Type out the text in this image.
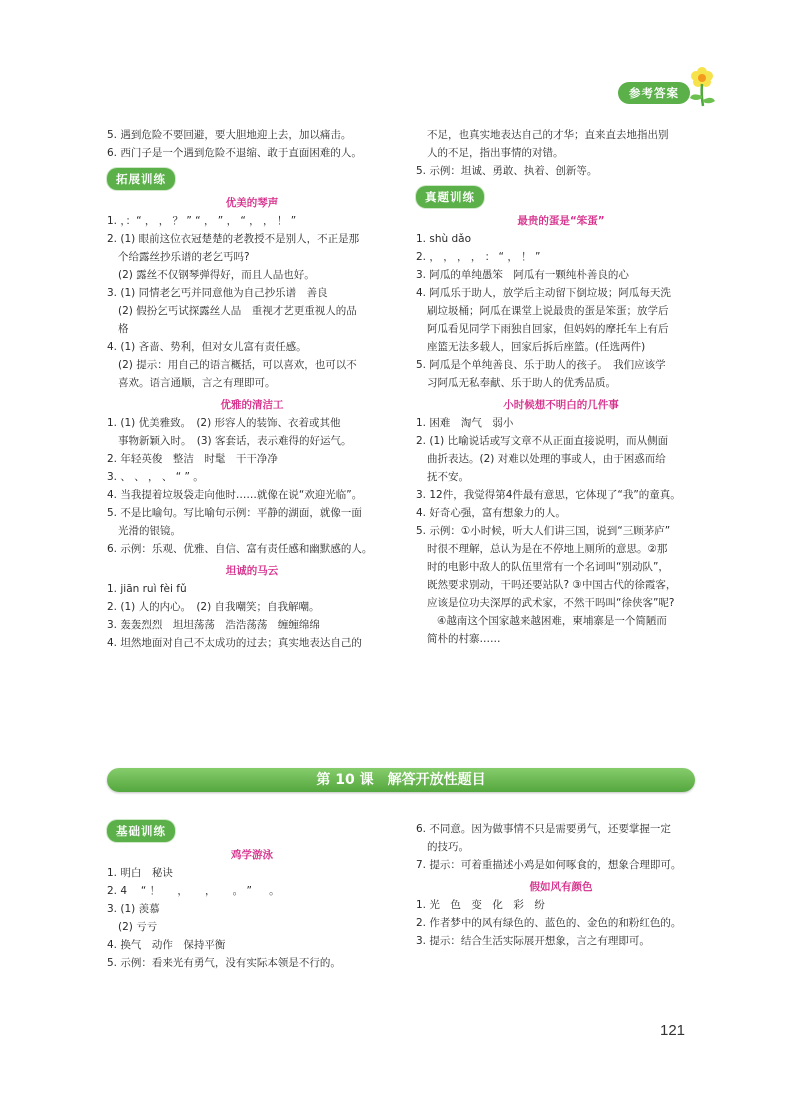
参考答案

5. 遇到危险不要回避，要大胆地迎上去，加以痛击。

6. 西门子是一个遇到危险不退缩、敢于直面困难的人。

拓展训练

优美的琴声

1. ，：“ ， ， ？ ” “ ， ” ， “ ， ， ！ ”

2. (1) 眼前这位衣冠楚楚的老教授不是别人，不正是那

个给露丝抄乐谱的老乞丐吗?

(2) 露丝不仅钢琴弹得好，而且人品也好。

3. (1) 同情老乞丐并同意他为自己抄乐谱　善良

(2) 假扮乞丐试探露丝人品　重视才艺更重视人的品

格

4. (1) 吝啬、势利，但对女儿富有责任感。

(2) 提示：用自己的语言概括，可以喜欢，也可以不

喜欢。语言通顺，言之有理即可。

优雅的清洁工

1. (1) 优美雅致。　(2) 形容人的装饰、衣着或其他

事物新颖入时。　(3) 客套话，表示难得的好运气。

2. 年轻英俊　整洁　时髦　干干净净

3. 、 、 ， 、 “ ” 。

4. 当我提着垃圾袋走向他时……就像在说“欢迎光临”。

5. 不是比喻句。写比喻句示例：平静的湖面，就像一面

光滑的银镜。

6. 示例：乐观、优雅、自信、富有责任感和幽默感的人。

坦诚的马云

1. jiān ruì fèi fǔ

2. (1) 人的内心。　(2) 自我嘲笑；自我解嘲。

3. 轰轰烈烈　坦坦荡荡　浩浩荡荡　缠缠绵绵

4. 坦然地面对自己不太成功的过去；真实地表达自己的

不足，也真实地表达自己的才华；直来直去地指出别

人的不足，指出事情的对错。

5. 示例：坦诚、勇敢、执着、创新等。

真题训练

最贵的蛋是“笨蛋”

1. shù dǎo

2. ， ， ， ， ： “ ， ！ ”

3. 阿瓜的单纯愚笨　阿瓜有一颗纯朴善良的心

4. 阿瓜乐于助人，放学后主动留下倒垃圾；阿瓜每天洗

刷垃圾桶；阿瓜在课堂上说最贵的蛋是笨蛋；放学后

阿瓜看见同学下雨独自回家，但妈妈的摩托车上有后

座篮无法多载人，回家后拆后座篮。(任选两件)

5. 阿瓜是个单纯善良、乐于助人的孩子。　我们应该学

习阿瓜无私奉献、乐于助人的优秀品质。

小时候想不明白的几件事

1. 困难　淘气　弱小

2. (1) 比喻说话或写文章不从正面直接说明，而从侧面

曲折表达。(2) 对难以处理的事或人，由于困惑而给

抚不安。

3. 12件，我觉得第4件最有意思，它体现了“我”的童真。

4. 好奇心强，富有想象力的人。

5. 示例：①小时候，听大人们讲三国，说到“三顾茅庐”

时很不理解，总认为是在不停地上厕所的意思。②那

时的电影中敌人的队伍里常有一个名词叫“别动队”，

既然要求别动，干吗还要站队? ③中国古代的徐霞客，

应该是位功夫深厚的武术家，不然干吗叫“徐侠客”呢?

④越南这个国家越来越困难，柬埔寨是一个简陋而

简朴的村寨……

第 10 课　解答开放性题目
基础训练

鸡学游泳

1. 明白　秘诀

2. 4 　“ ！ 　 ， 　 ， 　 。 ” 　 。

3. (1) 羡慕

(2) 亏亏

4. 换气　动作　保持平衡

5. 示例：看来光有勇气，没有实际本领是不行的。

6. 不同意。因为做事情不只是需要勇气，还要掌握一定

的技巧。

7. 提示：可着重描述小鸡是如何啄食的，想象合理即可。

假如风有颜色

1. 光　色　变　化　彩　纷

2. 作者梦中的风有绿色的、蓝色的、金色的和粉红色的。

3. 提示：结合生活实际展开想象，言之有理即可。

121
